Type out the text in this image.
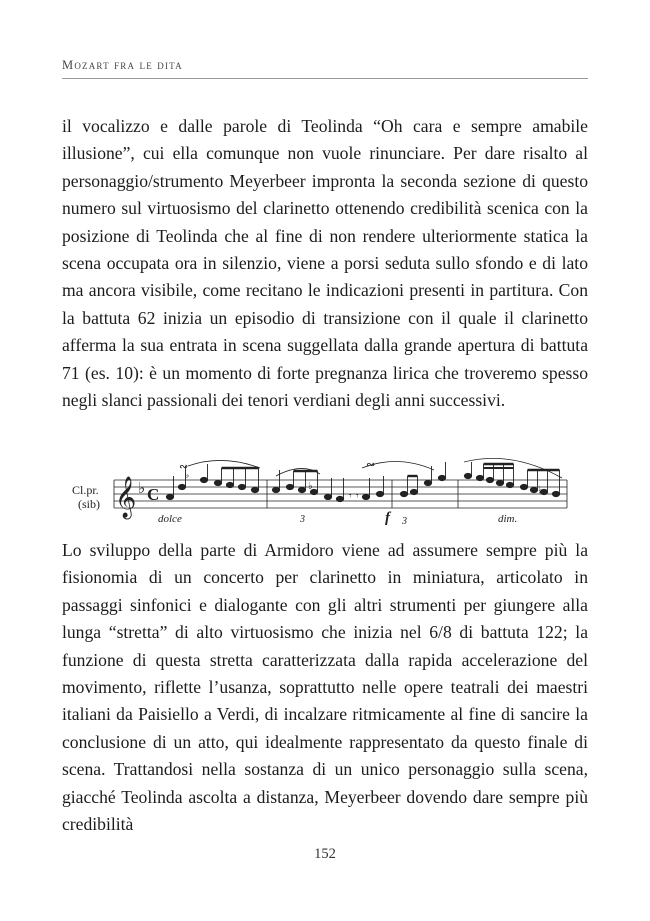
Mozart fra le dita

il vocalizzo e dalle parole di Teolinda “Oh cara e sempre amabile illusione”, cui ella comunque non vuole rinunciare. Per dare risalto al personaggio/strumento Meyerbeer impronta la seconda sezione di questo numero sul virtuosismo del clarinetto ottenendo credibilità scenica con la posizione di Teolinda che al fine di non rendere ulteriormente statica la scena occupata ora in silenzio, viene a porsi seduta sullo sfondo e di lato ma ancora visibile, come recitano le indicazioni presenti in partitura. Con la battuta 62 inizia un episodio di transizione con il quale il clarinetto afferma la sua entrata in scena suggellata dalla grande apertura di battuta 71 (es. 10): è un momento di forte pregnanza lirica che troveremo spesso negli slanci passionali dei tenori verdiani degli anni successivi.

Cl.pr.
(sib) 𝄞 ♭ C
∾
♭
♭
𝄾 𝄾
∾
♭
dolce	3	f 3	dim.

Lo sviluppo della parte di Armidoro viene ad assumere sempre più la fisionomia di un concerto per clarinetto in miniatura, articolato in passaggi sinfonici e dialogante con gli altri strumenti per giungere alla lunga “stretta” di alto virtuosismo che inizia nel 6/8 di battuta 122; la funzione di questa stretta caratterizzata dalla rapida accelerazione del movimento, riflette l’usanza, soprattutto nelle opere teatrali dei maestri italiani da Paisiello a Verdi, di incalzare ritmicamente al fine di sancire la conclusione di un atto, qui idealmente rappresentato da questo finale di scena. Trattandosi nella sostanza di un unico personaggio sulla scena, giacché Teolinda ascolta a distanza, Meyerbeer dovendo dare sempre più credibilità

152
